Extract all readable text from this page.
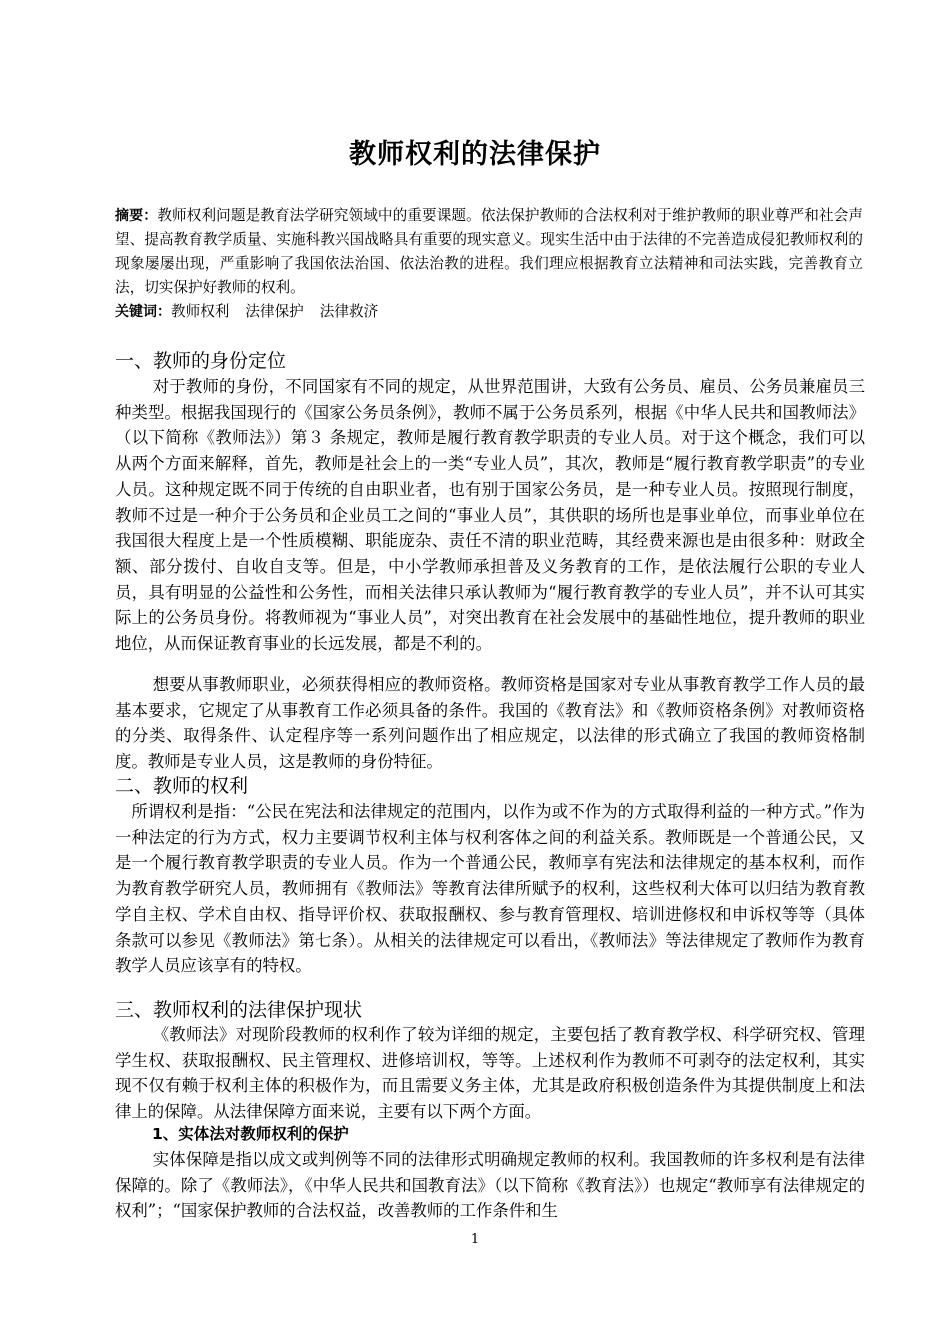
教师权利的法律保护
摘要：教师权利问题是教育法学研究领域中的重要课题。依法保护教师的合法权利对于维护教师的职业尊严和社会声望、提高教育教学质量、实施科教兴国战略具有重要的现实意义。现实生活中由于法律的不完善造成侵犯教师权利的现象屡屡出现，严重影响了我国依法治国、依法治教的进程。我们理应根据教育立法精神和司法实践，完善教育立法，切实保护好教师的权利。
关键词：教师权利 法律保护 法律救济
一、教师的身份定位
对于教师的身份，不同国家有不同的规定，从世界范围讲，大致有公务员、雇员、公务员兼雇员三种类型。根据我国现行的《国家公务员条例》，教师不属于公务员系列，根据《中华人民共和国教师法》（以下简称《教师法》）第３ 条规定，教师是履行教育教学职责的专业人员。对于这个概念，我们可以从两个方面来解释，首先，教师是社会上的一类“专业人员”，其次，教师是“履行教育教学职责”的专业人员。这种规定既不同于传统的自由职业者，也有别于国家公务员，是一种专业人员。按照现行制度，教师不过是一种介于公务员和企业员工之间的“事业人员”，其供职的场所也是事业单位，而事业单位在我国很大程度上是一个性质模糊、职能庞杂、责任不清的职业范畴，其经费来源也是由很多种：财政全额、部分拨付、自收自支等。但是，中小学教师承担普及义务教育的工作，是依法履行公职的专业人员，具有明显的公益性和公务性，而相关法律只承认教师为“履行教育教学的专业人员”，并不认可其实际上的公务员身份。将教师视为“事业人员”，对突出教育在社会发展中的基础性地位，提升教师的职业地位，从而保证教育事业的长远发展，都是不利的。
想要从事教师职业，必须获得相应的教师资格。教师资格是国家对专业从事教育教学工作人员的最基本要求，它规定了从事教育工作必须具备的条件。我国的《教育法》和《教师资格条例》对教师资格的分类、取得条件、认定程序等一系列问题作出了相应规定，以法律的形式确立了我国的教师资格制度。教师是专业人员，这是教师的身份特征。
二、教师的权利
所谓权利是指：“公民在宪法和法律规定的范围内，以作为或不作为的方式取得利益的一种方式。”作为一种法定的行为方式，权力主要调节权利主体与权利客体之间的利益关系。教师既是一个普通公民，又是一个履行教育教学职责的专业人员。作为一个普通公民，教师享有宪法和法律规定的基本权利，而作为教育教学研究人员，教师拥有《教师法》等教育法律所赋予的权利，这些权利大体可以归结为教育教学自主权、学术自由权、指导评价权、获取报酬权、参与教育管理权、培训进修权和申诉权等等（具体条款可以参见《教师法》第七条）。从相关的法律规定可以看出，《教师法》等法律规定了教师作为教育教学人员应该享有的特权。
三、教师权利的法律保护现状
《教师法》对现阶段教师的权利作了较为详细的规定，主要包括了教育教学权、科学研究权、管理学生权、获取报酬权、民主管理权、进修培训权，等等。上述权利作为教师不可剥夺的法定权利，其实现不仅有赖于权利主体的积极作为，而且需要义务主体，尤其是政府积极创造条件为其提供制度上和法律上的保障。从法律保障方面来说，主要有以下两个方面。
1、实体法对教师权利的保护
实体保障是指以成文或判例等不同的法律形式明确规定教师的权利。我国教师的许多权利是有法律保障的。除了《教师法》，《中华人民共和国教育法》（以下简称《教育法》）也规定“教师享有法律规定的权利”；“国家保护教师的合法权益，改善教师的工作条件和生
1
